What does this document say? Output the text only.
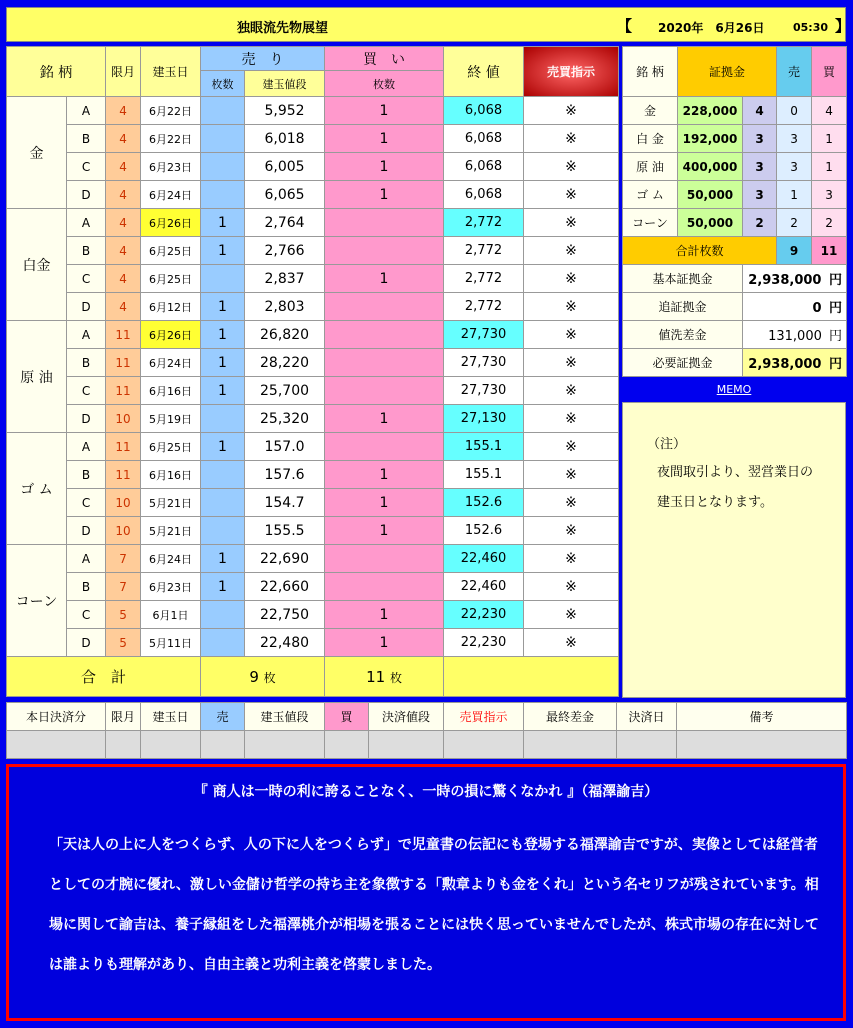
独眼流先物展望	【 2020年　6月26日	05:30 】
銘 柄		限月	建玉日	売　り		買　い	終 値	売買指示	
				枚数	建玉値段	枚数			
金	A	4	6月22日		5,952	1	6,068	※	
	B	4	6月22日		6,018	1	6,068	※	
	C	4	6月23日		6,005	1	6,068	※	
	D	4	6月24日		6,065	1	6,068	※	
白金	A	4	6月26日	1	2,764		2,772	※	
	B	4	6月25日	1	2,766		2,772	※	
	C	4	6月25日		2,837	1	2,772	※	
	D	4	6月12日	1	2,803		2,772	※	
原 油	A	11	6月26日	1	26,820		27,730	※	
	B	11	6月24日	1	28,220		27,730	※	
	C	11	6月16日	1	25,700		27,730	※	
	D	10	5月19日		25,320	1	27,130	※	
ゴ ム	A	11	6月25日	1	157.0		155.1	※	
	B	11	6月16日		157.6	1	155.1	※	
	C	10	5月21日		154.7	1	152.6	※	
	D	10	5月21日		155.5	1	152.6	※	
コーン	A	7	6月24日	1	22,690		22,460	※	
	B	7	6月23日	1	22,660		22,460	※	
	C	5	6月1日		22,750	1	22,230	※	
	D	5	5月11日		22,480	1	22,230	※	
合　計				9 枚		11 枚		
銘 柄	証拠金		売	買
金	228,000	4	0	4
白 金	192,000	3	3	1
原 油	400,000	3	3	1
ゴ ム	50,000	3	1	3
コーン	50,000	2	2	2
合計枚数			9	11
基本証拠金		2,938,000 円		
追証拠金		0 円		
値洗差金		131,000 円		
必要証拠金		2,938,000 円		
MEMO
（注）
夜間取引より、翌営業日の
建玉日となります。
本日決済分	限月	建玉日	売	建玉値段	買	決済値段	売買指示	最終差金	決済日	備考

『 商人は一時の利に誇ることなく、一時の損に驚くなかれ 』（福澤諭吉）
「天は人の上に人をつくらず、人の下に人をつくらず」で児童書の伝記にも登場する福澤諭吉ですが、実像としては経営者としての才腕に優れ、激しい金儲け哲学の持ち主を象徴する「勲章よりも金をくれ」という名セリフが残されています。相場に関して諭吉は、養子縁組をした福澤桃介が相場を張ることには快く思っていませんでしたが、株式市場の存在に対しては誰よりも理解があり、自由主義と功利主義を啓蒙しました。
